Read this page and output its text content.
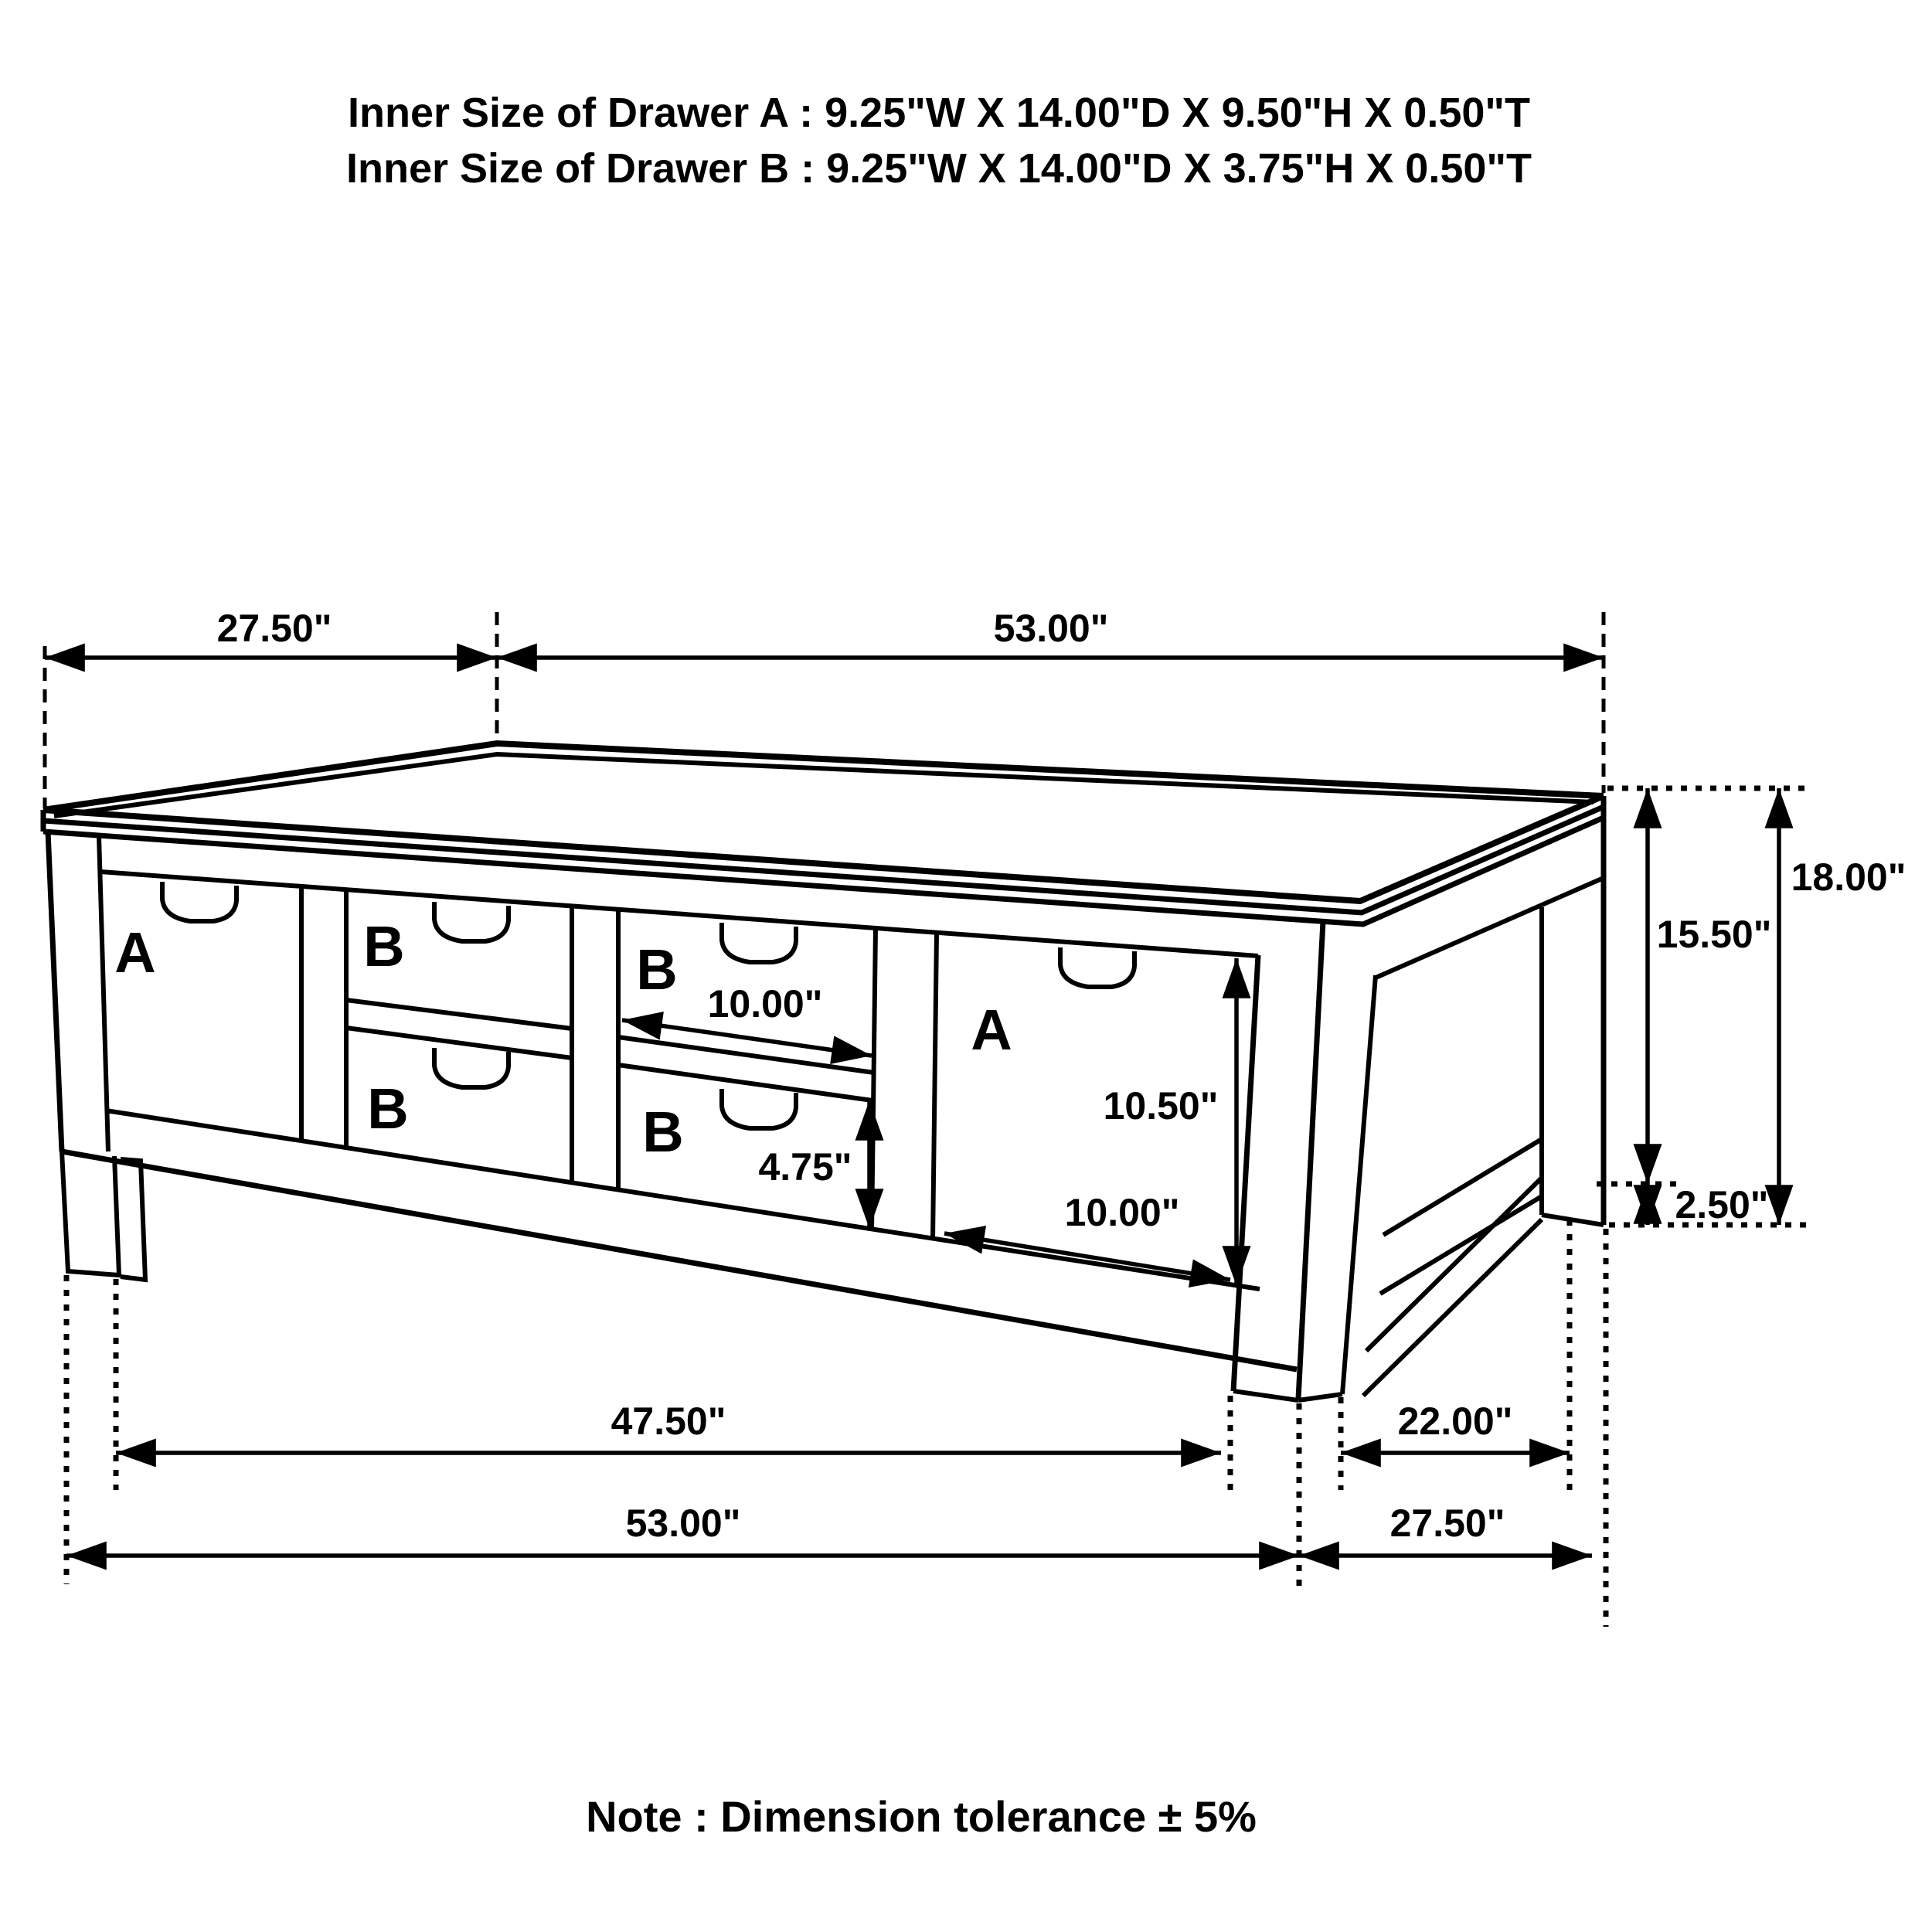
Inner Size of Drawer A : 9.25"W X 14.00"D X 9.50"H X 0.50"T
Inner Size of Drawer B : 9.25"W X 14.00"D X 3.75"H X 0.50"T
27.50"	53.00"
18.00"
15.50"
2.50"
10.00"
10.50"
4.75"
10.00"
47.50"	22.00"
53.00"	27.50"
A	B	B
A
B	B
Note : Dimension tolerance ± 5%
